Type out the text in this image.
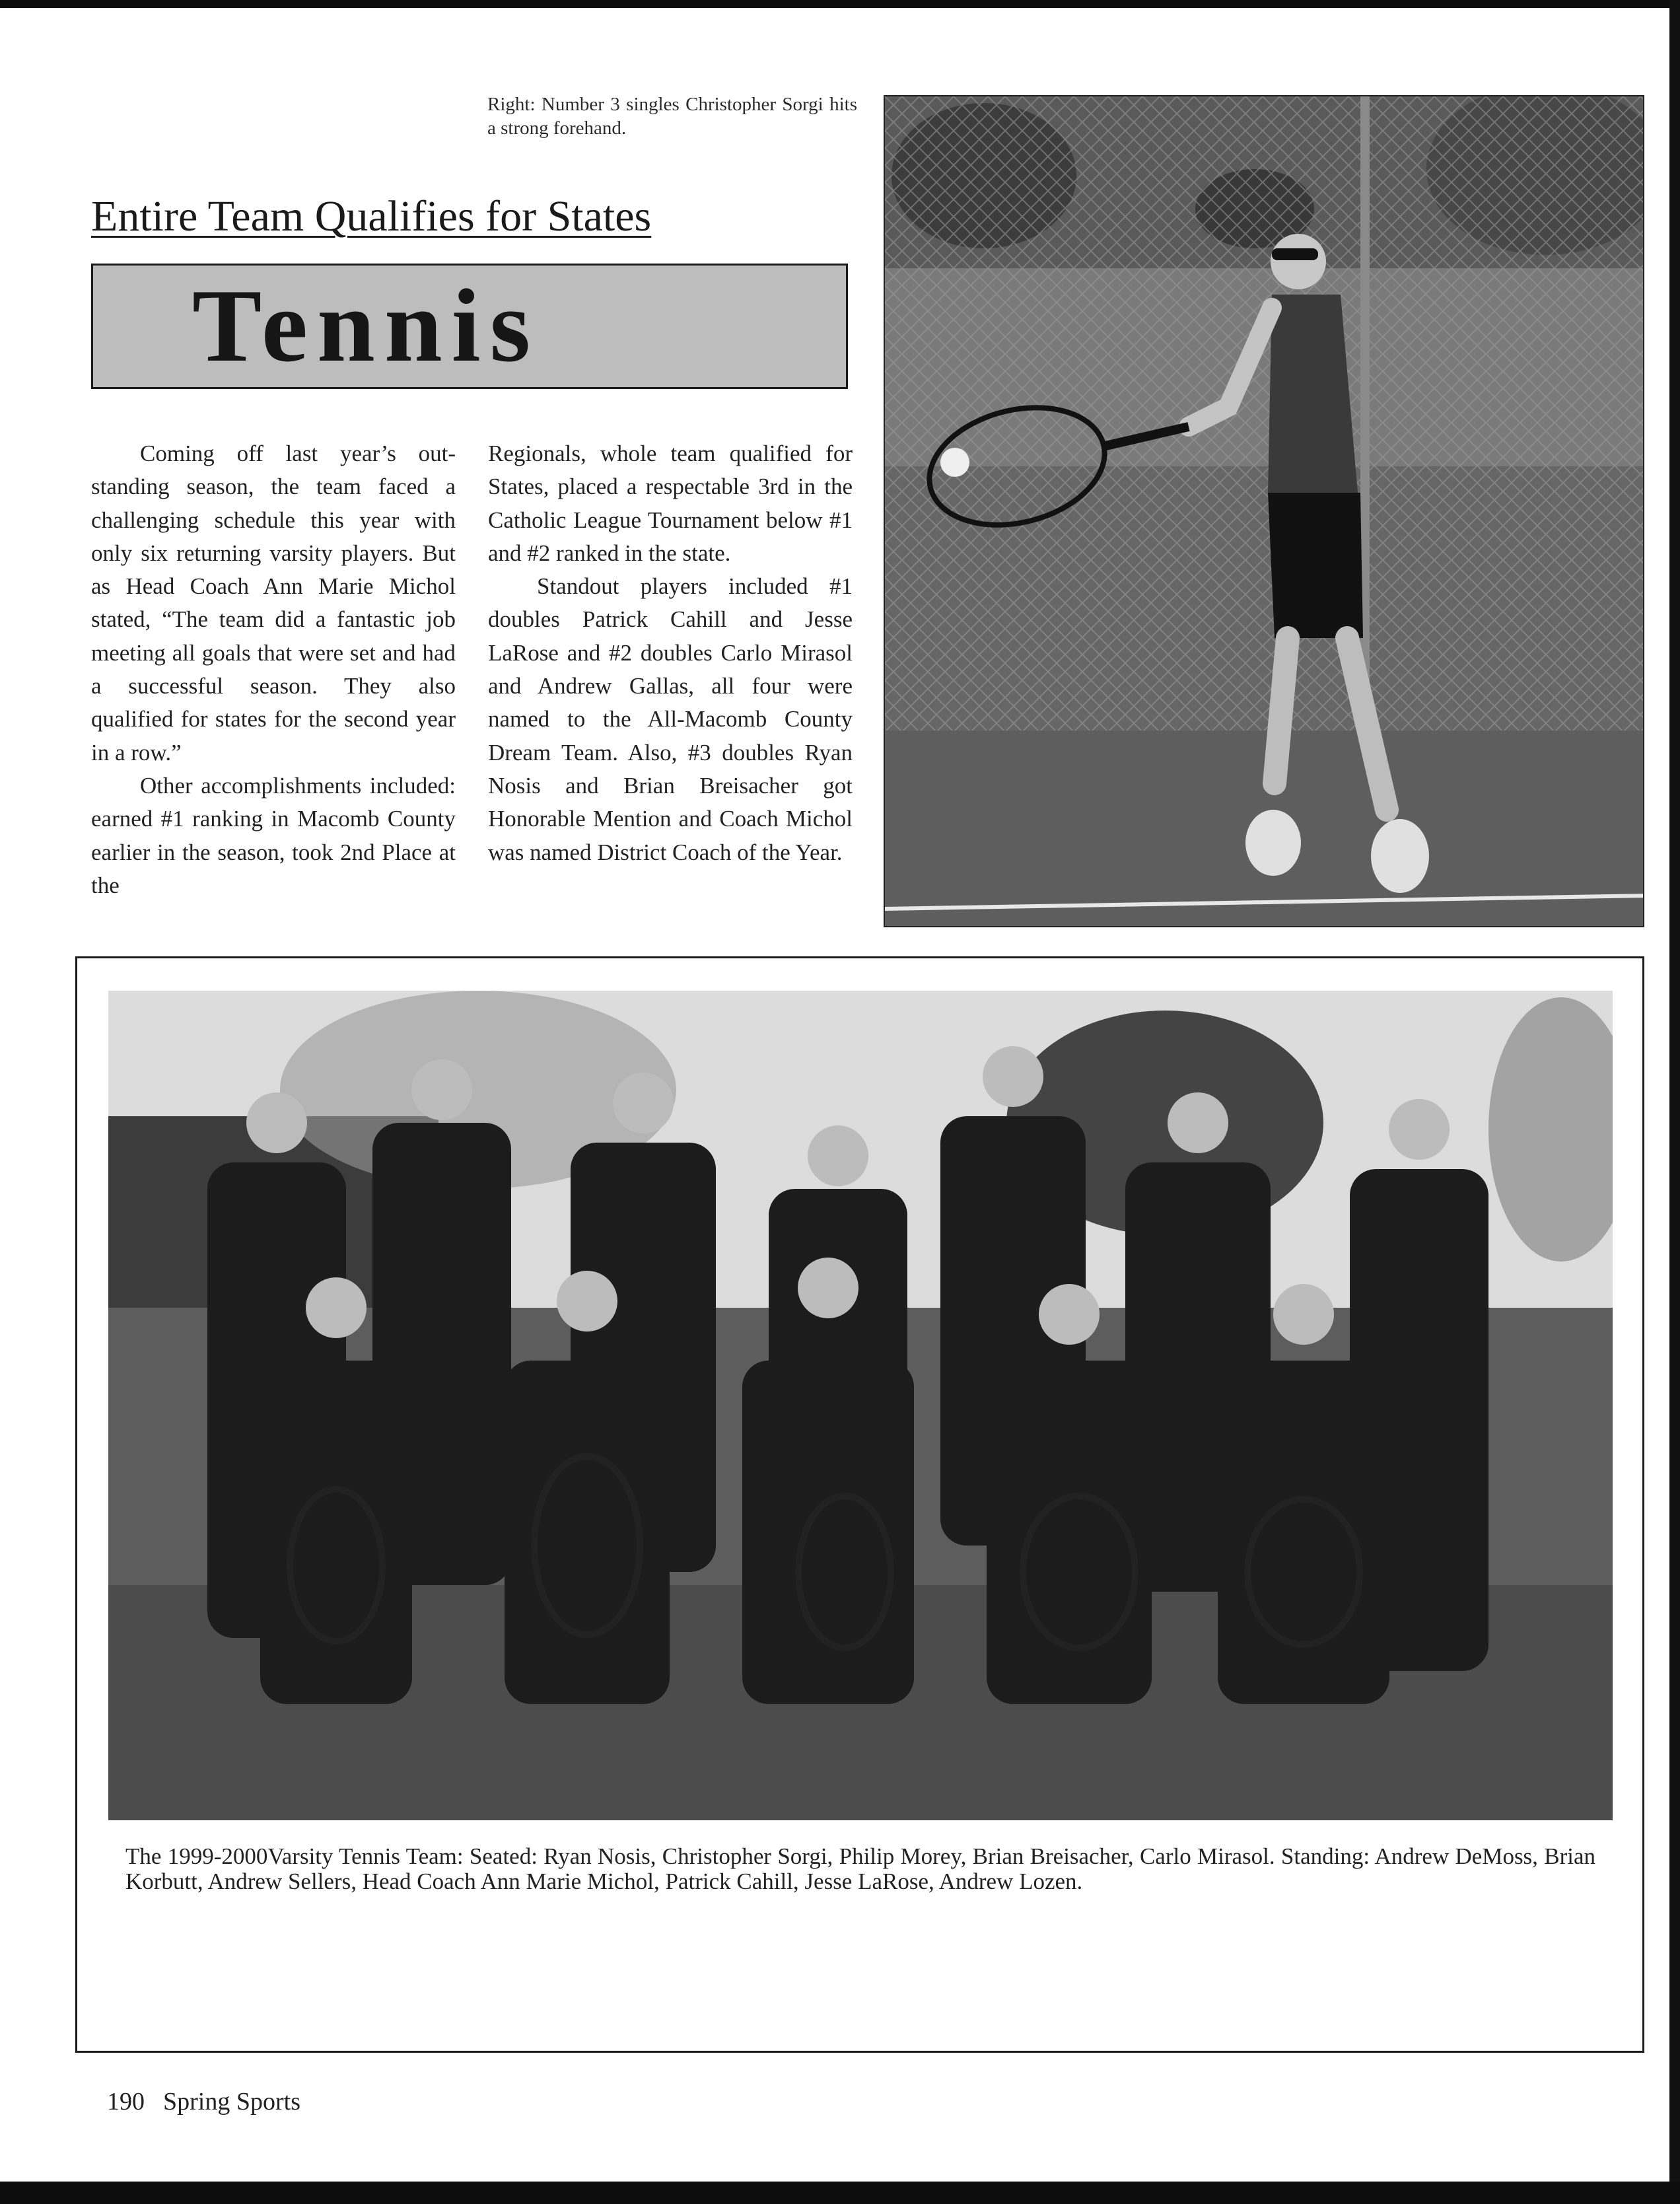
Right: Number 3 singles Christopher Sorgi hits a strong forehand.
Entire Team Qualifies for States
Tennis

Coming off last year’s outstanding season, the team faced a challenging schedule this year with only six returning varsity players. But as Head Coach Ann Marie Michol stated, “The team did a fantastic job meeting all goals that were set and had a successful season. They also qualified for states for the second year in a row.”

Other accomplishments included: earned #1 ranking in Macomb County earlier in the season, took 2nd Place at the

Regionals, whole team qualified for States, placed a respectable 3rd in the Catholic League Tournament below #1 and #2 ranked in the state.

Standout players included #1 doubles Patrick Cahill and Jesse LaRose and #2 doubles Carlo Mirasol and Andrew Gallas, all four were named to the All-Macomb County Dream Team. Also, #3 doubles Ryan Nosis and Brian Breisacher got Honorable Mention and Coach Michol was named District Coach of the Year.

The 1999-2000Varsity Tennis Team: Seated: Ryan Nosis, Christopher Sorgi, Philip Morey, Brian Breisacher, Carlo Mirasol. Standing: Andrew DeMoss, Brian Korbutt, Andrew Sellers, Head Coach Ann Marie Michol, Patrick Cahill, Jesse LaRose, Andrew Lozen.
190 Spring Sports
